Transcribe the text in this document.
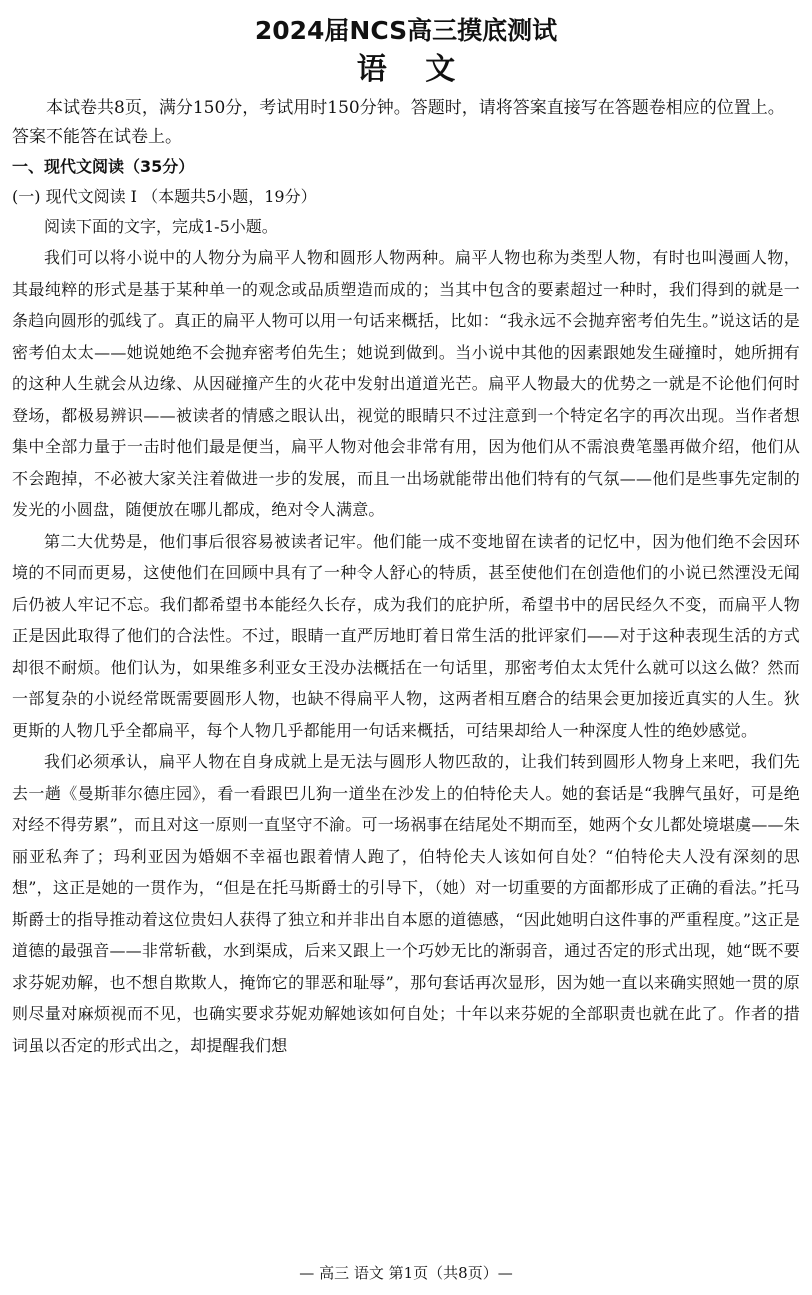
2024届NCS高三摸底测试
语 文

本试卷共8页，满分150分，考试用时150分钟。答题时，请将答案直接写在答题卷相应的位置上。答案不能答在试卷上。

一、现代文阅读（35分）

(一) 现代文阅读 I （本题共5小题，19分）

阅读下面的文字，完成1-5小题。

我们可以将小说中的人物分为扁平人物和圆形人物两种。扁平人物也称为类型人物，有时也叫漫画人物，其最纯粹的形式是基于某种单一的观念或品质塑造而成的；当其中包含的要素超过一种时，我们得到的就是一条趋向圆形的弧线了。真正的扁平人物可以用一句话来概括，比如：“我永远不会抛弃密考伯先生。”说这话的是密考伯太太——她说她绝不会抛弃密考伯先生；她说到做到。当小说中其他的因素跟她发生碰撞时，她所拥有的这种人生就会从边缘、从因碰撞产生的火花中发射出道道光芒。扁平人物最大的优势之一就是不论他们何时登场，都极易辨识——被读者的情感之眼认出，视觉的眼睛只不过注意到一个特定名字的再次出现。当作者想集中全部力量于一击时他们最是便当，扁平人物对他会非常有用，因为他们从不需浪费笔墨再做介绍，他们从不会跑掉，不必被大家关注着做进一步的发展，而且一出场就能带出他们特有的气氛——他们是些事先定制的发光的小圆盘，随便放在哪儿都成，绝对令人满意。

第二大优势是，他们事后很容易被读者记牢。他们能一成不变地留在读者的记忆中，因为他们绝不会因环境的不同而更易，这使他们在回顾中具有了一种令人舒心的特质，甚至使他们在创造他们的小说已然湮没无闻后仍被人牢记不忘。我们都希望书本能经久长存，成为我们的庇护所，希望书中的居民经久不变，而扁平人物正是因此取得了他们的合法性。不过，眼睛一直严厉地盯着日常生活的批评家们——对于这种表现生活的方式却很不耐烦。他们认为，如果维多利亚女王没办法概括在一句话里，那密考伯太太凭什么就可以这么做？然而一部复杂的小说经常既需要圆形人物，也缺不得扁平人物，这两者相互磨合的结果会更加接近真实的人生。狄更斯的人物几乎全都扁平，每个人物几乎都能用一句话来概括，可结果却给人一种深度人性的绝妙感觉。

我们必须承认，扁平人物在自身成就上是无法与圆形人物匹敌的，让我们转到圆形人物身上来吧，我们先去一趟《曼斯菲尔德庄园》，看一看跟巴儿狗一道坐在沙发上的伯特伦夫人。她的套话是“我脾气虽好，可是绝对经不得劳累”，而且对这一原则一直坚守不渝。可一场祸事在结尾处不期而至，她两个女儿都处境堪虞——朱丽亚私奔了；玛利亚因为婚姻不幸福也跟着情人跑了，伯特伦夫人该如何自处？“伯特伦夫人没有深刻的思想”，这正是她的一贯作为，“但是在托马斯爵士的引导下，（她）对一切重要的方面都形成了正确的看法。”托马斯爵士的指导推动着这位贵妇人获得了独立和并非出自本愿的道德感，“因此她明白这件事的严重程度。”这正是道德的最强音——非常斩截，水到渠成，后来又跟上一个巧妙无比的渐弱音，通过否定的形式出现，她“既不要求芬妮劝解，也不想自欺欺人，掩饰它的罪恶和耻辱”，那句套话再次显形，因为她一直以来确实照她一贯的原则尽量对麻烦视而不见，也确实要求芬妮劝解她该如何自处；十年以来芬妮的全部职责也就在此了。作者的措词虽以否定的形式出之，却提醒我们想

— 高三 语文 第1页（共8页）—
